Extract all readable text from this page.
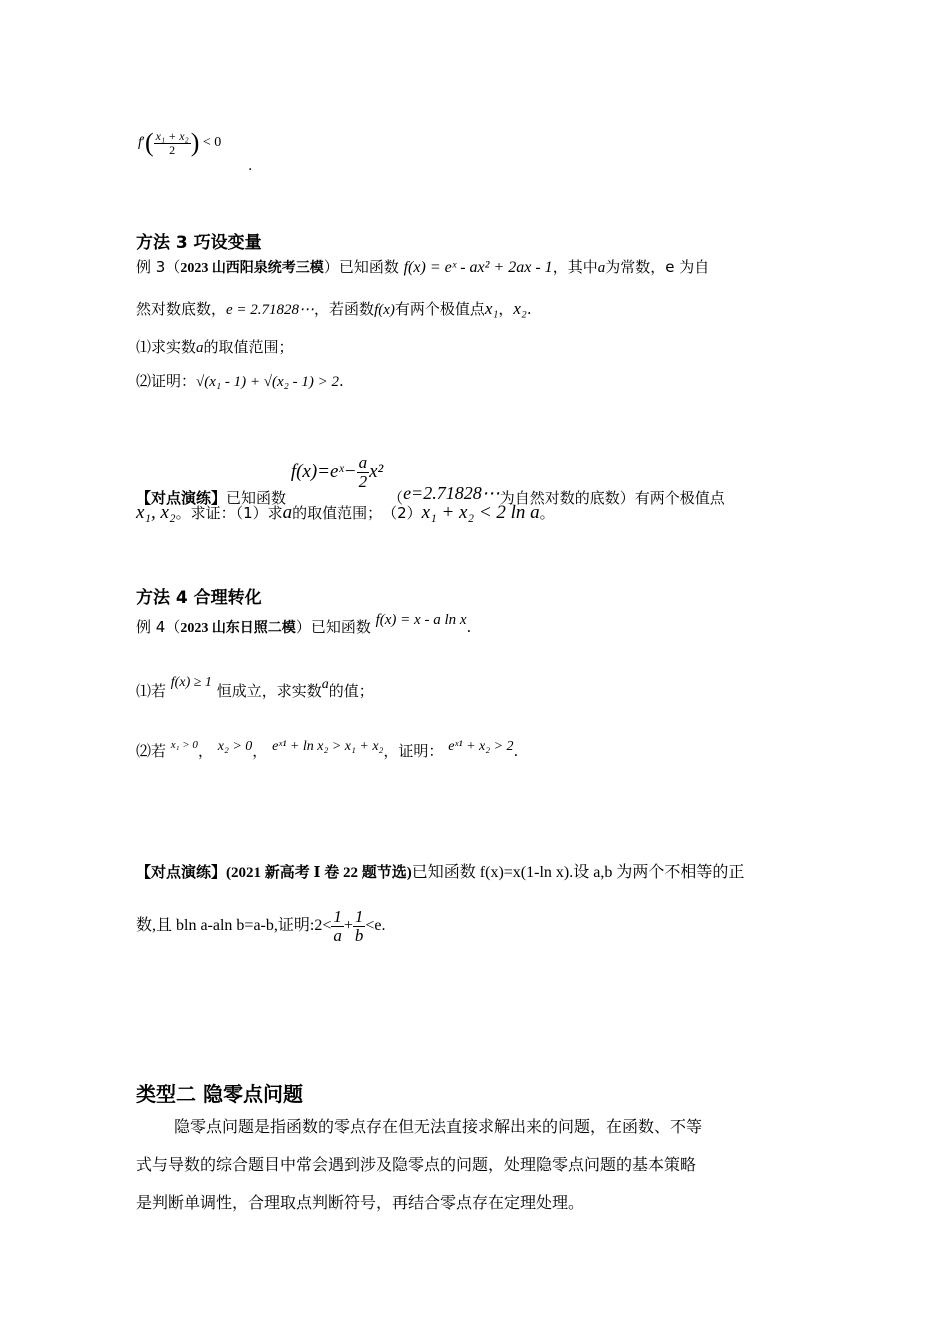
$f'( \frac{\text{x₁ + x₂}}{2}$ ) < 0
.
方法 3 巧设变量
例 3（2023 山西阳泉统考三模）已知函数 f(x) = eˣ - ax² + 2ax - 1，其中a为常数，e 为自
然对数底数，e = 2.71828⋯，若函数f(x)有两个极值点x₁，x₂.
⑴求实数a的取值范围；
⑵证明：√(x₁ - 1) + √(x₂ - 1) > 2.
【对点演练】已知函数 f(x)=eˣ− $\frac{a}{2} x^2$ （e=2.71828⋯为自然对数的底数）有两个极值点
x₁, x₂。求证：（1）求a的取值范围；　（2）x₁ + x₂ < 2 ln a。
方法 4 合理转化
例 4（2023 山东日照二模）已知函数 f(x) = x - a ln x.
⑴若 f(x) ≥ 1 恒成立，求实数a的值；
⑵若 $^{x_1 > 0}$， x₂ > 0， eˣ¹ + ln x₂ > x₁ + x₂，证明： eˣ¹ + x₂ > 2.
【对点演练】(2021 新高考 Ⅰ 卷 22 题节选)已知函数 f(x)=x(1-ln x).设 a,b 为两个不相等的正
数,且 bln a-aln b=a-b,证明:2< $\frac{1}{a} + \frac{1}{b} <e$.
类型二 隐零点问题
隐零点问题是指函数的零点存在但无法直接求解出来的问题，在函数、不等
式与导数的综合题目中常会遇到涉及隐零点的问题，处理隐零点问题的基本策略
是判断单调性，合理取点判断符号，再结合零点存在定理处理。
